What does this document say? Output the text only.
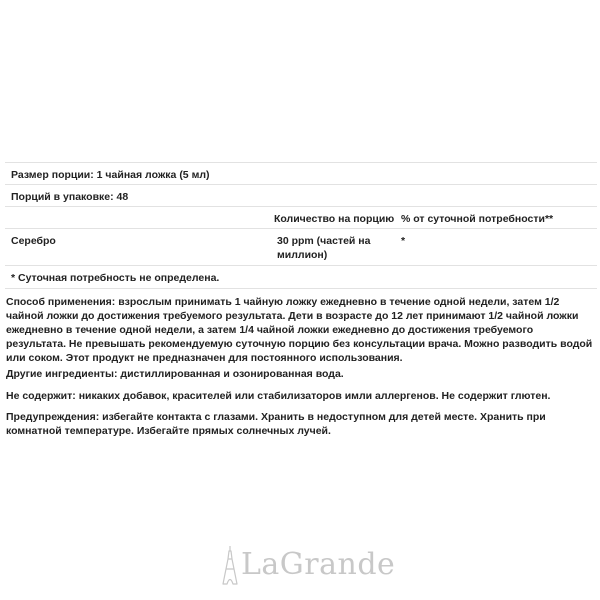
Размер порции: 1 чайная ложка (5 мл)
Порций в упаковке: 48
Количество на порцию % от суточной потребности**
Серебро	30 ppm (частей на миллион)
*
* Суточная потребность не определена.

Способ применения: взрослым принимать 1 чайную ложку ежедневно в течение одной недели, затем 1/2 чайной ложки до достижения требуемого результата. Дети в возрасте до 12 лет принимают 1/2 чайной ложки ежедневно в течение одной недели, а затем 1/4 чайной ложки ежедневно до достижения требуемого результата. Не превышать рекомендуемую суточную порцию без консультации врача. Можно разводить водой или соком. Этот продукт не предназначен для постоянного использования.

Другие ингредиенты: дистиллированная и озонированная вода.

Не содержит: никаких добавок, красителей или стабилизаторов имли аллергенов. Не содержит глютен.

Предупреждения: избегайте контакта с глазами. Хранить в недоступном для детей месте. Хранить при комнатной температуре. Избегайте прямых солнечных лучей.

LaGrande
